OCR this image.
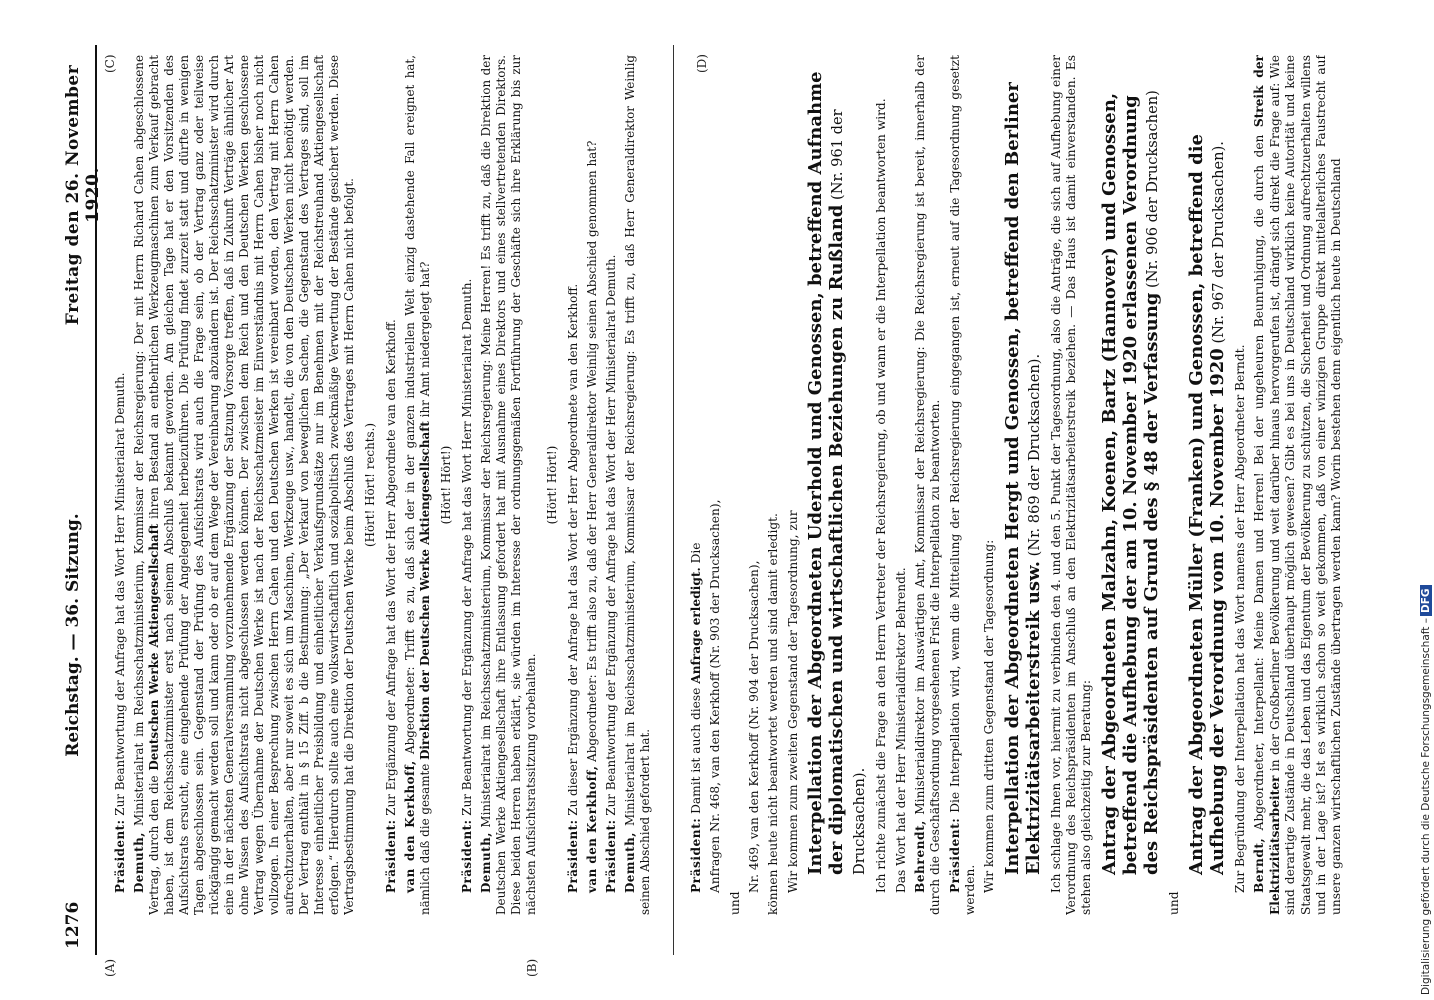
1276
Reichstag. — 36. Sitzung.
Freitag den 26. November 1920.
(A)	(B)
(C)	(D)

Präsident: Zur Beantwortung der Anfrage hat das Wort Herr Ministerialrat Demuth.

Demuth, Ministerialrat im Reichsschatzministerium, Kommissar der Reichsregierung: Der mit Herrn Richard Cahen abgeschlossene Vertrag, durch den die Deutschen Werke Aktiengesellschaft ihren Bestand an entbehrlichen Werkzeugmaschinen zum Verkauf gebracht haben, ist dem Reichsschatzminister erst nach seinem Abschluß bekannt geworden. Am gleichen Tage hat er den Vorsitzenden des Aufsichtsrats ersucht, eine eingehende Prüfung der Angelegenheit herbeizuführen. Die Prüfung findet zurzeit statt und dürfte in wenigen Tagen abgeschlossen sein. Gegenstand der Prüfung des Aufsichtsrats wird auch die Frage sein, ob der Vertrag ganz oder teilweise rückgängig gemacht werden soll und kann oder ob er auf dem Wege der Vereinbarung abzuändern ist. Der Reichsschatzminister wird durch eine in der nächsten Generalversammlung vorzunehmende Ergänzung der Satzung Vorsorge treffen, daß in Zukunft Verträge ähnlicher Art ohne Wissen des Aufsichtsrats nicht abgeschlossen werden können. Der zwischen dem Reich und den Deutschen Werken geschlossene Vertrag wegen Übernahme der Deutschen Werke ist nach der Reichsschatzmeister im Einverständnis mit Herrn Cahen bisher noch nicht vollzogen. In einer Besprechung zwischen Herrn Cahen und den Deutschen Werken ist vereinbart worden, den Vertrag mit Herrn Cahen aufrechtzuerhalten, aber nur soweit es sich um Maschinen, Werkzeuge usw., handelt, die von den Deutschen Werken nicht benötigt werden. Der Vertrag enthält in § 15 Ziff. b die Bestimmung: „Der Verkauf von beweglichen Sachen, die Gegenstand des Vertrages sind, soll im Interesse einheitlicher Preisbildung und einheitlicher Verkaufsgrundsätze nur im Benehmen mit der Reichstreuhand Aktiengesellschaft erfolgen.“ Hierdurch sollte auch eine volkswirtschaftlich und sozialpolitisch zweckmäßige Verwertung der Bestände gesichert werden. Diese Vertragsbestimmung hat die Direktion der Deutschen Werke beim Abschluß des Vertrages mit Herrn Cahen nicht befolgt. (Hört! Hört! rechts.)

Präsident: Zur Ergänzung der Anfrage hat das Wort der Herr Abgeordnete van den Kerkhoff.

van den Kerkhoff, Abgeordneter: Trifft es zu, daß sich der in der ganzen industriellen Welt einzig dastehende Fall ereignet hat, nämlich daß die gesamte Direktion der Deutschen Werke Aktiengesellschaft ihr Amt niedergelegt hat?

(Hört! Hört!)

Präsident: Zur Beantwortung der Ergänzung der Anfrage hat das Wort Herr Ministerialrat Demuth.

Demuth, Ministerialrat im Reichsschatzministerium, Kommissar der Reichsregierung: Meine Herren! Es trifft zu, daß die Direktion der Deutschen Werke Aktiengesellschaft ihre Entlassung gefordert hat mit Ausnahme eines Direktors und eines stellvertretenden Direktors. Diese beiden Herren haben erklärt, sie würden im Interesse der ordnungsgemäßen Fortführung der Geschäfte sich ihre Erklärung bis zur nächsten Aufsichtsratssitzung vorbehalten.

(Hört! Hört!)

Präsident: Zu dieser Ergänzung der Anfrage hat das Wort der Herr Abgeordnete van den Kerkhoff.

van den Kerkhoff, Abgeordneter: Es trifft also zu, daß der Herr Generaldirektor Weinlig seinen Abschied genommen hat?

Präsident: Zur Beantwortung der Ergänzung der Anfrage hat das Wort der Herr Ministerialrat Demuth.

Demuth, Ministerialrat im Reichsschatzministerium, Kommissar der Reichsregierung: Es trifft zu, daß Herr Generaldirektor Weinlig seinen Abschied gefordert hat.	Präsident: Damit ist auch diese Anfrage erledigt. Die Anfragen Nr. 468, van den Kerkhoff (Nr. 903 der Drucksachen),

und

Nr. 469, van den Kerkhoff (Nr. 904 der Drucksachen), können heute nicht beantwortet werden und sind damit erledigt. Wir kommen zum zweiten Gegenstand der Tagesordnung, zur Interpellation der Abgeordneten Uderhold und Genossen, betreffend Aufnahme der diplomatischen und wirtschaftlichen Beziehungen zu Rußland (Nr. 961 der Drucksachen). Ich richte zunächst die Frage an den Herrn Vertreter der Reichsregierung, ob und wann er die Interpellation beantworten wird. Das Wort hat der Herr Ministerialdirektor Behrendt. Behrendt, Ministerialdirektor im Auswärtigen Amt, Kommissar der Reichsregierung: Die Reichsregierung ist bereit, innerhalb der durch die Geschäftsordnung vorgesehenen Frist die Interpellation zu beantworten. Präsident: Die Interpellation wird, wenn die Mitteilung der Reichsregierung eingegangen ist, erneut auf die Tagesordnung gesetzt werden. Wir kommen zum dritten Gegenstand der Tagesordnung: Interpellation der Abgeordneten Hergt und Genossen, betreffend den Berliner Elektrizitätsarbeiterstreik usw. (Nr. 869 der Drucksachen). Ich schlage Ihnen vor, hiermit zu verbinden den 4. und den 5. Punkt der Tagesordnung, also die Anträge, die sich auf Aufhebung einer Verordnung des Reichspräsidenten im Anschluß an den Elektrizitätsarbeiterstreik beziehen. — Das Haus ist damit einverstanden. Es stehen also gleichzeitig zur Beratung: Antrag der Abgeordneten Malzahn, Koenen, Bartz (Hannover) und Genossen, betreffend die Aufhebung der am 10. November 1920 erlassenen Verordnung des Reichspräsidenten auf Grund des § 48 der Verfassung (Nr. 906 der Drucksachen)

und

Antrag der Abgeordneten Müller (Franken) und Genossen, betreffend die Aufhebung der Verordnung vom 10. November 1920 (Nr. 967 der Drucksachen).

Zur Begründung der Interpellation hat das Wort namens der Herr Abgeordneter Berndt. Berndt, Abgeordneter, Interpellant: Meine Damen und Herren! Bei der ungeheuren Beunruhigung, die durch den Streik der Elektrizitätsarbeiter in der Großberliner Bevölkerung und weit darüber hinaus hervorgerufen ist, drängt sich direkt die Frage auf: Wie sind derartige Zustände in Deutschland überhaupt möglich gewesen? Gibt es bei uns in Deutschland wirklich keine Autorität und keine Staatsgewalt mehr, die das Leben und das Eigentum der Bevölkerung zu schützen, die Sicherheit und Ordnung aufrechtzuerhalten willens und in der Lage ist? Ist es wirklich schon so weit gekommen, daß von einer winzigen Gruppe direkt mittelalterliches Faustrecht auf unsere ganzen wirtschaftlichen Zustände übertragen werden kann? Worin bestehen denn eigentlich heute in Deutschland	Digitalisierung gefördert durch die Deutsche Forschungsgemeinschaft –DFG
